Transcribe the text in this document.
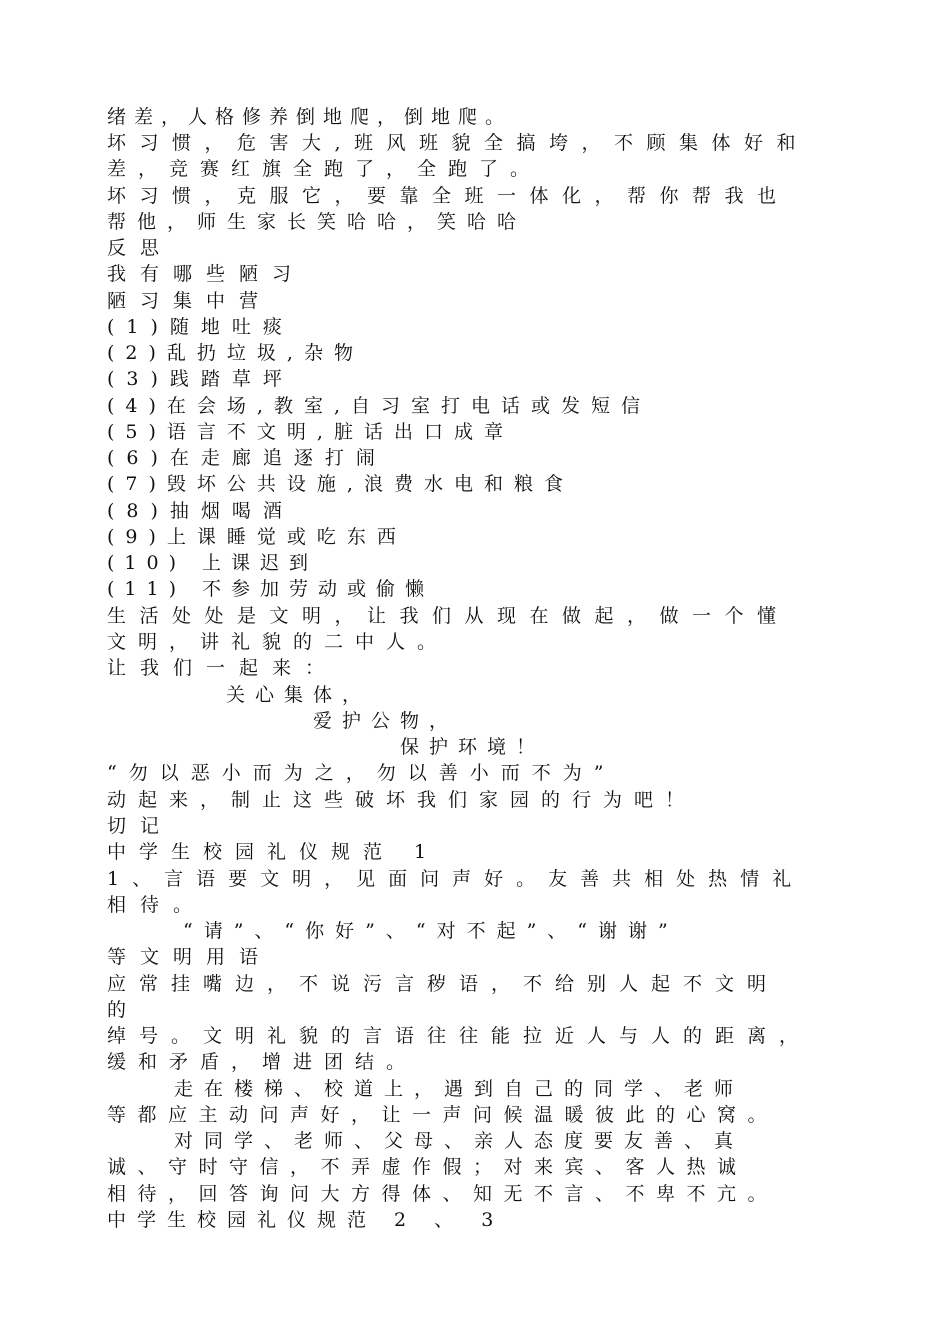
绪差，人格修养倒地爬，倒地爬。
坏习惯，危害大,班风班貌全搞垮，不顾集体好和
差，竞赛红旗全跑了，全跑了。
坏习惯，克服它，要靠全班一体化，帮你帮我也
帮他，师生家长笑哈哈，笑哈哈
反思
我有哪些陋习
陋习集中营
(1)随地吐痰
(2)乱扔垃圾,杂物
(3)践踏草坪
(4)在会场,教室,自习室打电话或发短信
(5)语言不文明,脏话出口成章
(6)在走廊追逐打闹
(7)毁坏公共设施,浪费水电和粮食
(8)抽烟喝酒
(9)上课睡觉或吃东西
(10) 上课迟到
(11) 不参加劳动或偷懒
生活处处是文明，让我们从现在做起，做一个懂
文明，讲礼貌的二中人。
让我们一起来：
关心集体，
爱护公物，
保护环境！
“勿以恶小而为之，勿以善小而不为”
动起来，制止这些破坏我们家园的行为吧！
切记
中学生校园礼仪规范 1
1、言语要文明，见面问声好。友善共相处热情礼
相待。
“请”、“你好”、“对不起”、“谢谢”
等文明用语
应常挂嘴边，不说污言秽语，不给别人起不文明
的
绰号。文明礼貌的言语往往能拉近人与人的距离，
缓和矛盾，增进团结。
走在楼梯、校道上，遇到自己的同学、老师
等都应主动问声好，让一声问候温暖彼此的心窝。
对同学、老师、父母、亲人态度要友善、真
诚、守时守信，不弄虚作假；对来宾、客人热诚
相待，回答询问大方得体、知无不言、不卑不亢。
中学生校园礼仪规范 2 、 3
